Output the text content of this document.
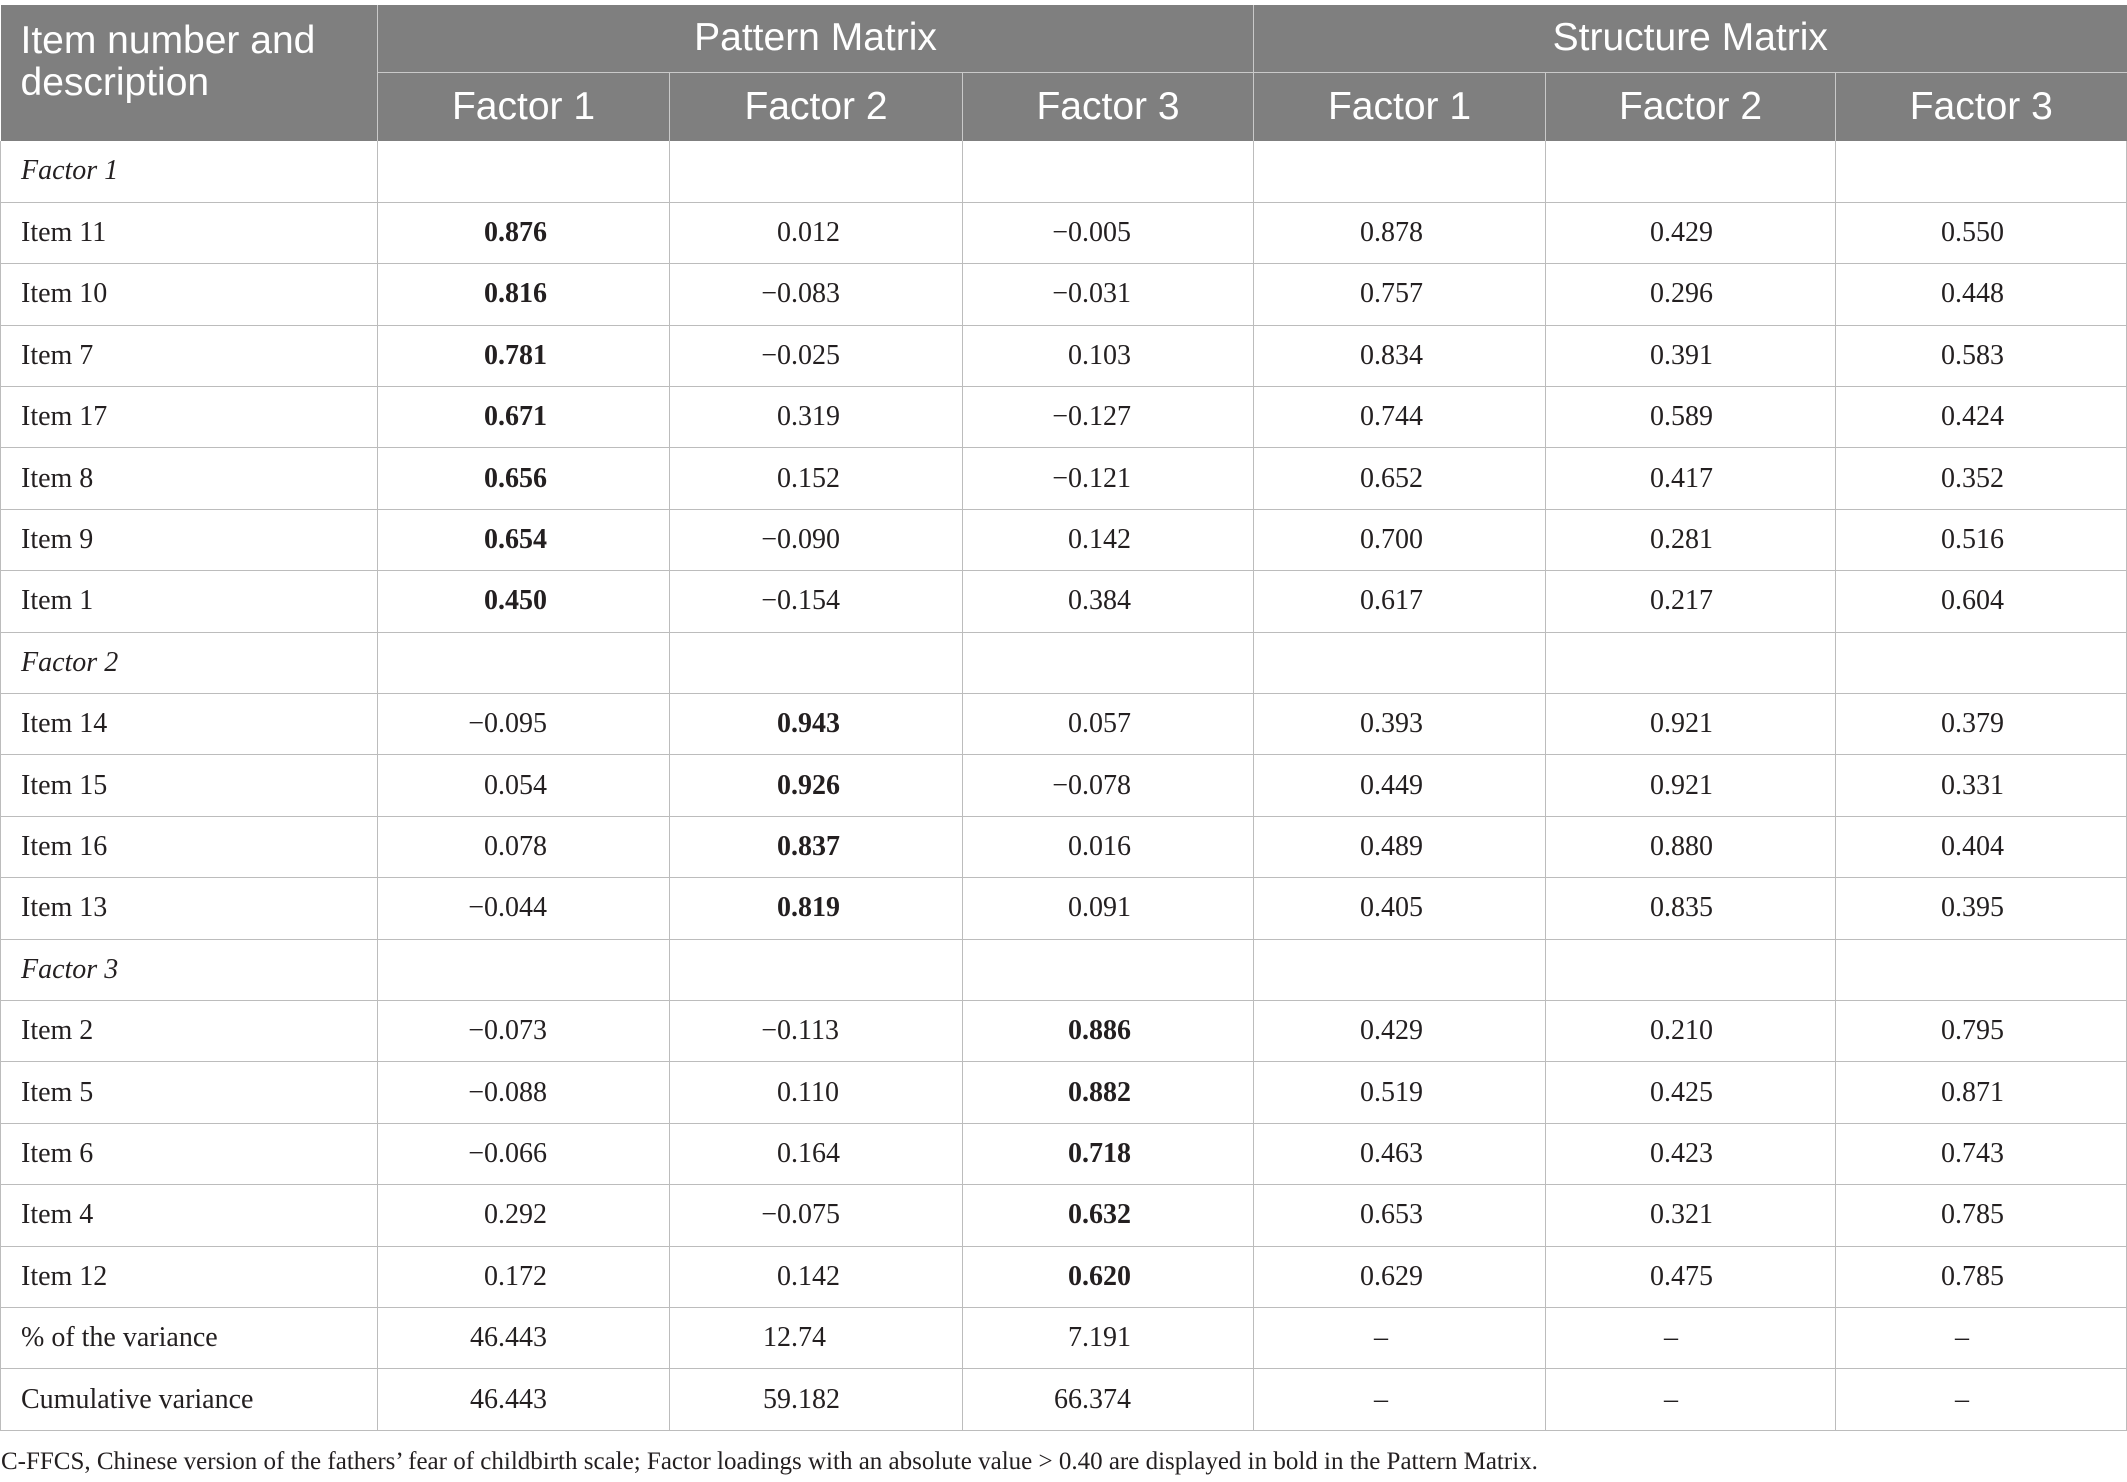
Item number and description	Pattern Matrix			Structure Matrix		
	Factor 1	Factor 2	Factor 3	Factor 1	Factor 2	Factor 3
Factor 1						
Item 11	0.876	0.012	−0.005	0.878	0.429	0.550
Item 10	0.816	−0.083	−0.031	0.757	0.296	0.448
Item 7	0.781	−0.025	0.103	0.834	0.391	0.583
Item 17	0.671	0.319	−0.127	0.744	0.589	0.424
Item 8	0.656	0.152	−0.121	0.652	0.417	0.352
Item 9	0.654	−0.090	0.142	0.700	0.281	0.516
Item 1	0.450	−0.154	0.384	0.617	0.217	0.604
Factor 2						
Item 14	−0.095	0.943	0.057	0.393	0.921	0.379
Item 15	0.054	0.926	−0.078	0.449	0.921	0.331
Item 16	0.078	0.837	0.016	0.489	0.880	0.404
Item 13	−0.044	0.819	0.091	0.405	0.835	0.395
Factor 3						
Item 2	−0.073	−0.113	0.886	0.429	0.210	0.795
Item 5	−0.088	0.110	0.882	0.519	0.425	0.871
Item 6	−0.066	0.164	0.718	0.463	0.423	0.743
Item 4	0.292	−0.075	0.632	0.653	0.321	0.785
Item 12	0.172	0.142	0.620	0.629	0.475	0.785
% of the variance	46.443	12.74	7.191	–	–	–
Cumulative variance	46.443	59.182	66.374	–	–	–

C-FFCS, Chinese version of the fathers’ fear of childbirth scale; Factor loadings with an absolute value > 0.40 are displayed in bold in the Pattern Matrix.
